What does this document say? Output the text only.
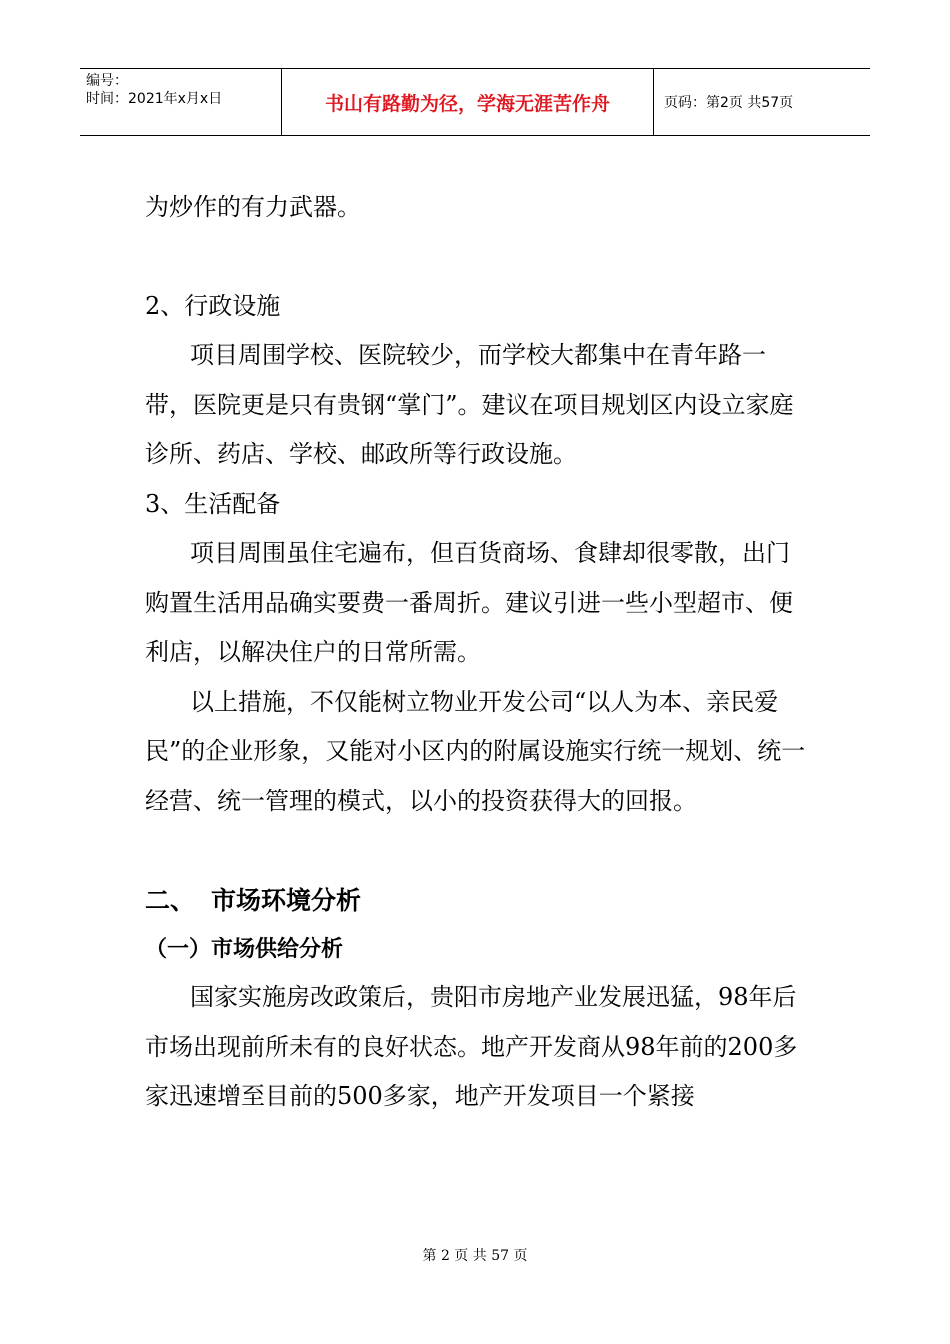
编号：
时间：2021年x月x日	书山有路勤为径，学海无涯苦作舟	页码：第2页 共57页

为炒作的有力武器。

2、行政设施

项目周围学校、医院较少，而学校大都集中在青年路一带，医院更是只有贵钢“掌门”。建议在项目规划区内设立家庭诊所、药店、学校、邮政所等行政设施。

3、生活配备

项目周围虽住宅遍布，但百货商场、食肆却很零散，出门购置生活用品确实要费一番周折。建议引进一些小型超市、便利店，以解决住户的日常所需。

以上措施，不仅能树立物业开发公司“以人为本、亲民爱民”的企业形象，又能对小区内的附属设施实行统一规划、统一经营、统一管理的模式，以小的投资获得大的回报。

二、 市场环境分析

（一）市场供给分析

国家实施房改政策后，贵阳市房地产业发展迅猛，98年后市场出现前所未有的良好状态。地产开发商从98年前的200多家迅速增至目前的500多家，地产开发项目一个紧接

第 2 页 共 57 页
